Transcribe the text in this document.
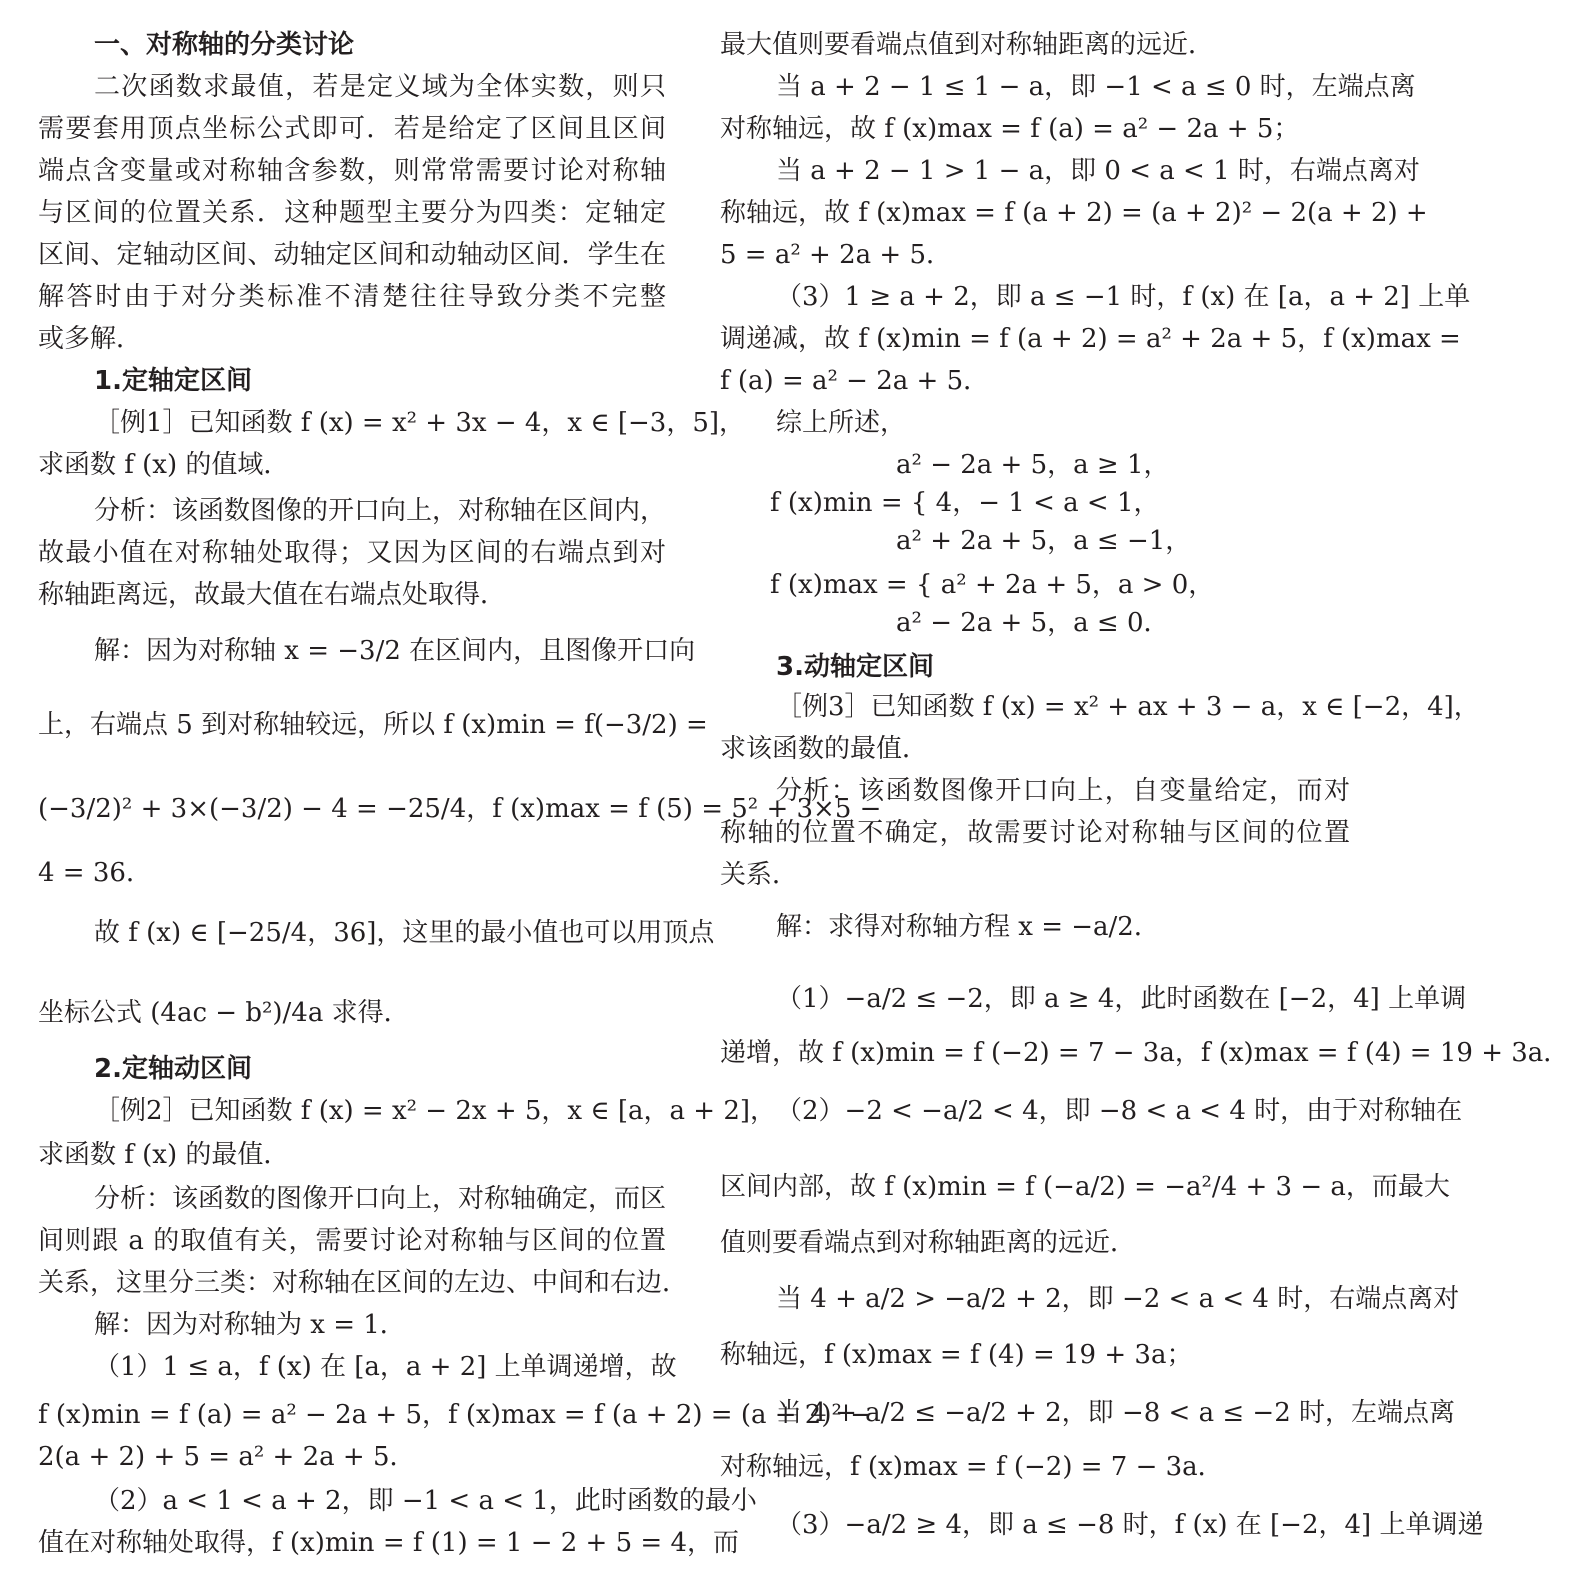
一、对称轴的分类讨论
二次函数求最值，若是定义域为全体实数，则只
需要套用顶点坐标公式即可．若是给定了区间且区间
端点含变量或对称轴含参数，则常常需要讨论对称轴
与区间的位置关系．这种题型主要分为四类：定轴定
区间、定轴动区间、动轴定区间和动轴动区间．学生在
解答时由于对分类标准不清楚往往导致分类不完整
或多解．
1.定轴定区间
［例1］已知函数 f (x) = x² + 3x − 4，x ∈ [−3，5]，
求函数 f (x) 的值域．
分析：该函数图像的开口向上，对称轴在区间内，
故最小值在对称轴处取得；又因为区间的右端点到对
称轴距离远，故最大值在右端点处取得．
解：因为对称轴 x = −3/2 在区间内，且图像开口向
上，右端点 5 到对称轴较远，所以 f (x)min = f(−3/2) =
(−3/2)² + 3×(−3/2) − 4 = −25/4，f (x)max = f (5) = 5² + 3×5 −
4 = 36．
故 f (x) ∈ [−25/4，36]，这里的最小值也可以用顶点
坐标公式 (4ac − b²)/4a 求得．
2.定轴动区间
［例2］已知函数 f (x) = x² − 2x + 5，x ∈ [a，a + 2]，
求函数 f (x) 的最值．
分析：该函数的图像开口向上，对称轴确定，而区
间则跟 a 的取值有关，需要讨论对称轴与区间的位置
关系，这里分三类：对称轴在区间的左边、中间和右边．
解：因为对称轴为 x = 1．
（1）1 ≤ a，f (x) 在 [a，a + 2] 上单调递增，故
f (x)min = f (a) = a² − 2a + 5，f (x)max = f (a + 2) = (a + 2)² −
2(a + 2) + 5 = a² + 2a + 5．
（2）a < 1 < a + 2，即 −1 < a < 1，此时函数的最小
值在对称轴处取得，f (x)min = f (1) = 1 − 2 + 5 = 4，而
最大值则要看端点值到对称轴距离的远近．
当 a + 2 − 1 ≤ 1 − a，即 −1 < a ≤ 0 时，左端点离
对称轴远，故 f (x)max = f (a) = a² − 2a + 5；
当 a + 2 − 1 > 1 − a，即 0 < a < 1 时，右端点离对
称轴远，故 f (x)max = f (a + 2) = (a + 2)² − 2(a + 2) +
5 = a² + 2a + 5．
（3）1 ≥ a + 2，即 a ≤ −1 时，f (x) 在 [a，a + 2] 上单
调递减，故 f (x)min = f (a + 2) = a² + 2a + 5，f (x)max =
f (a) = a² − 2a + 5．
综上所述，
a² − 2a + 5，a ≥ 1，
f (x)min = { 4，− 1 < a < 1，
a² + 2a + 5，a ≤ −1，
f (x)max = { a² + 2a + 5，a > 0，
a² − 2a + 5，a ≤ 0．
3.动轴定区间
［例3］已知函数 f (x) = x² + ax + 3 − a，x ∈ [−2，4]，
求该函数的最值．
分析：该函数图像开口向上，自变量给定，而对
称轴的位置不确定，故需要讨论对称轴与区间的位置
关系．
解：求得对称轴方程 x = −a/2．
（1）−a/2 ≤ −2，即 a ≥ 4，此时函数在 [−2，4] 上单调
递增，故 f (x)min = f (−2) = 7 − 3a，f (x)max = f (4) = 19 + 3a．
（2）−2 < −a/2 < 4，即 −8 < a < 4 时，由于对称轴在
区间内部，故 f (x)min = f (−a/2) = −a²/4 + 3 − a，而最大
值则要看端点到对称轴距离的远近．
当 4 + a/2 > −a/2 + 2，即 −2 < a < 4 时，右端点离对
称轴远，f (x)max = f (4) = 19 + 3a；
当 4 + a/2 ≤ −a/2 + 2，即 −8 < a ≤ −2 时，左端点离
对称轴远，f (x)max = f (−2) = 7 − 3a．
（3）−a/2 ≥ 4，即 a ≤ −8 时，f (x) 在 [−2，4] 上单调递
